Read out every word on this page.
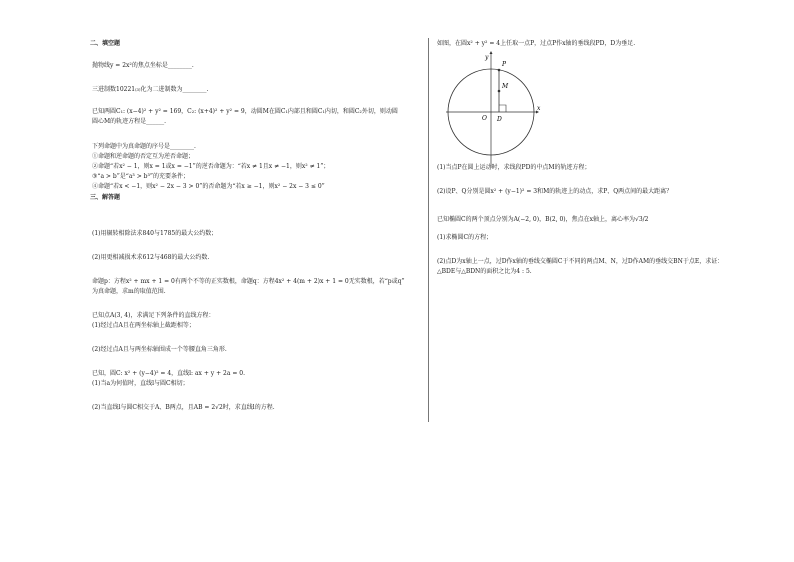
二、填空题
抛物线y = 2x²的焦点坐标是________.
三进制数10221₍₃₎化为二进制数为________.
已知两圆C₁: (x−4)² + y² = 169，C₂: (x+4)² + y² = 9，动圆M在圆C₁内部且和圆C₁内切，和圆C₂外切，则动圆
圆心M的轨迹方程是______.
下列命题中为真命题的序号是________.
①命题和逆命题的否定互为逆否命题；
②命题“若x² − 1，则x = 1或x = −1”的逆否命题为：“若x ≠ 1且x ≠ −1，则x² ≠ 1”；
③“a > b”是“a³ > b³”的充要条件；
④命题“若x < −1，则x² − 2x − 3 > 0”的否命题为“若x ≥ −1，则x² − 2x − 3 ≤ 0”
三、解答题
(1)用辗转相除法求840与1785的最大公约数；
(2)用更相减损术求612与468的最大公约数.
命题p：方程x² + mx + 1 = 0有两个不等的正实数根，命题q：方程4x² + 4(m + 2)x + 1 = 0无实数根，若“p或q”
为真命题，求m的取值范围.
已知点A(3, 4)，求满足下列条件的直线方程：
(1)经过点A且在两坐标轴上截距相等；
(2)经过点A且与两坐标轴围成一个等腰直角三角形.
已知，圆C: x² + (y−4)² = 4，直线l: ax + y + 2a = 0.
(1)当a为何值时，直线l与圆C相切；
(2)当直线l与圆C相交于A、B两点，且AB = 2√2时，求直线l的方程.
如图，在圆x² + y² = 4上任取一点P，过点P作x轴的垂线段PD，D为垂足.
P
M
O D
x
y
(1)当点P在圆上运动时，求线段PD的中点M的轨迹方程；
(2)设P、Q分别是圆x² + (y−1)² = 3和M的轨迹上的动点，求P、Q两点间的最大距离？
已知椭圆C的两个顶点分别为A(−2, 0)，B(2, 0)，焦点在x轴上，离心率为√3/2
(1)求椭圆C的方程；
(2)点D为x轴上一点，过D作x轴的垂线交椭圆C于不同的两点M、N，过D作AM的垂线交BN于点E，求证：
△BDE与△BDN的面积之比为4 : 5.
